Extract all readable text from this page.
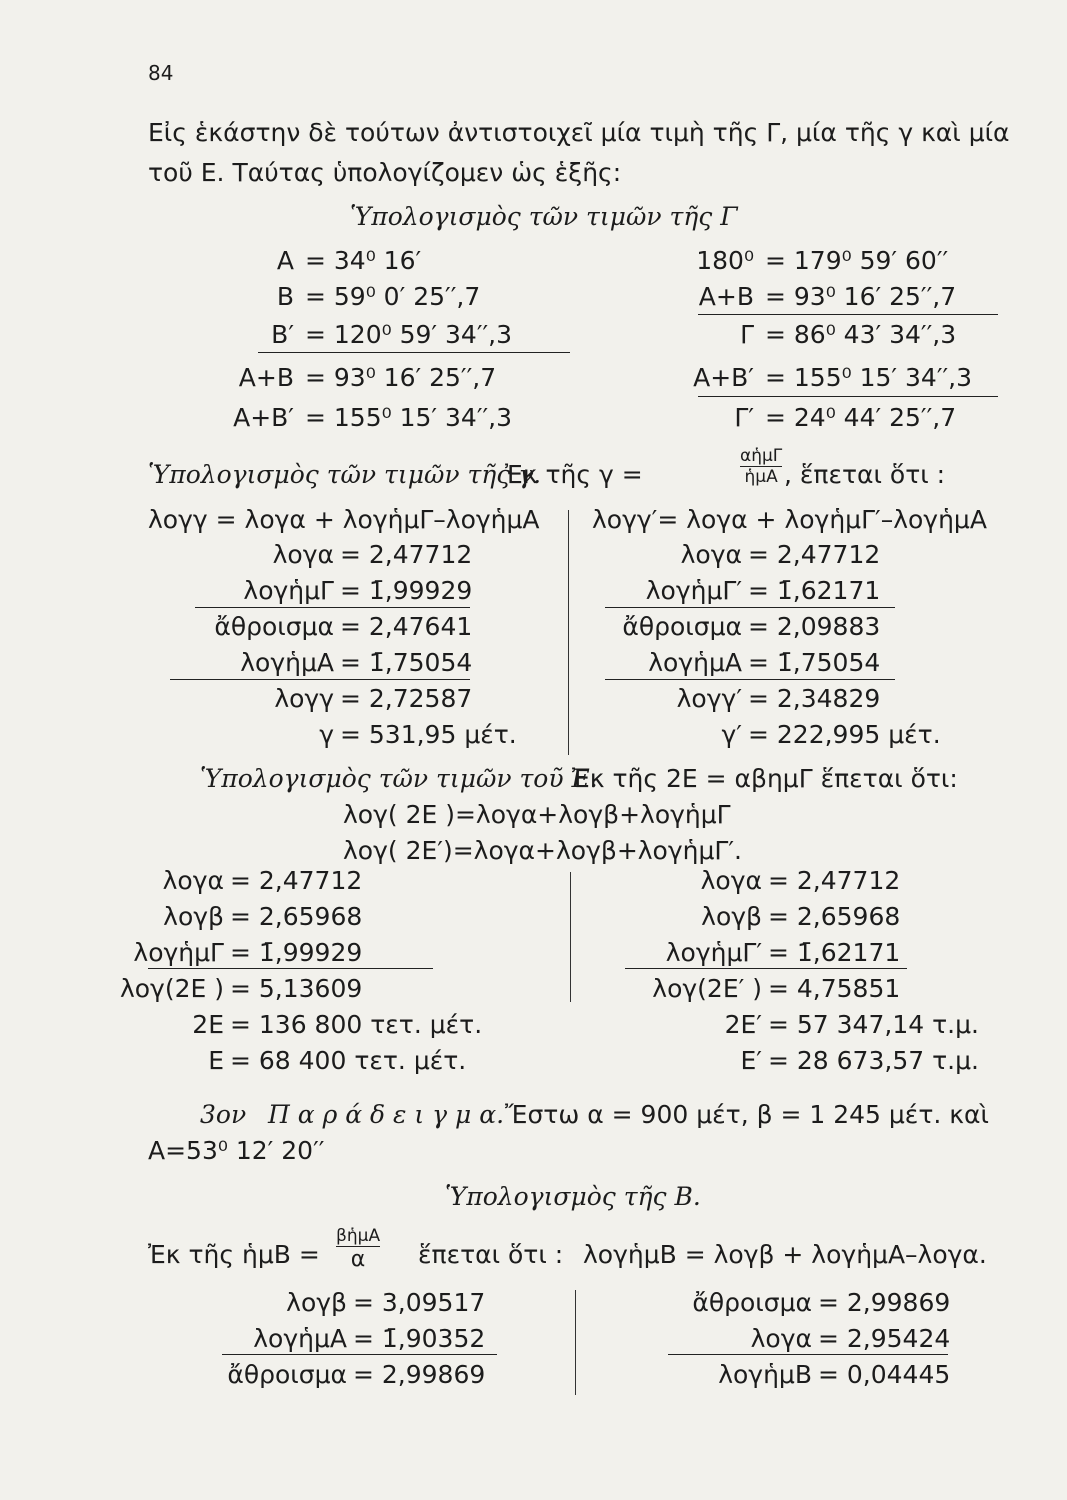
84
Εἰς ἑκάστην δὲ τούτων ἀντιστοιχεῖ μία τιμὴ τῆς Γ, μία τῆς γ καὶ μία
τοῦ Ε. Ταύτας ὑπολογίζομεν ὡς ἑξῆς:
Ὑπολογισμὸς τῶν τιμῶν τῆς Γ
Α = 34⁰ 16′
Β = 59⁰ 0′ 25′′,7
Β′ = 120⁰ 59′ 34′′,3
Α+Β = 93⁰ 16′ 25′′,7
Α+Β′ = 155⁰ 15′ 34′′,3
180⁰ = 179⁰ 59′ 60′′
Α+Β = 93⁰ 16′ 25′′,7
Γ = 86⁰ 43′ 34′′,3
Α+Β′ = 155⁰ 15′ 34′′,3
Γ′ = 24⁰ 44′ 25′′,7
Ὑπολογισμὸς τῶν τιμῶν τῆς γ.
Ἐκ τῆς γ =
αἡμΓ
ἡμΑ , ἕπεται ὅτι :
λογγ = λογα + λογἡμΓ–λογἡμΑ λογγ′= λογα + λογἡμΓ′–λογἡμΑ
λογα = 2,47712
λογἡμΓ = 1̄,99929
ἄθροισμα = 2,47641
λογἡμΑ = 1̄,75054
λογγ = 2,72587
γ = 531,95 μέτ.
λογα = 2,47712
λογἡμΓ′ = 1̄,62171
ἄθροισμα = 2,09883
λογἡμΑ = 1̄,75054
λογγ′ = 2,34829
γ′ = 222,995 μέτ.
Ὑπολογισμὸς τῶν τιμῶν τοῦ Ε.
Ἐκ τῆς 2Ε = αβημΓ ἕπεται ὅτι:
λογ( 2Ε )=λογα+λογβ+λογἡμΓ
λογ( 2Ε′)=λογα+λογβ+λογἡμΓ′.
λογα = 2,47712
λογβ = 2,65968
λογἡμΓ = 1̄,99929
λογ(2Ε ) = 5,13609
2Ε = 136 800 τετ. μέτ.
Ε = 68 400 τετ. μέτ.
λογα = 2,47712
λογβ = 2,65968
λογἡμΓ′ = 1̄,62171
λογ(2Ε′ ) = 4,75851
2Ε′ = 57 347,14 τ.μ.
Ε′ = 28 673,57 τ.μ.
3ον Π α ρ ά δ ε ι γ μ α. Ἔστω α = 900 μέτ, β = 1 245 μέτ. καὶ
Α=53⁰ 12′ 20′′
Ὑπολογισμὸς τῆς Β.
Ἐκ τῆς ἡμΒ =
βἡμΑ
α	ἕπεται ὅτι : λογἡμΒ = λογβ + λογἡμΑ–λογα.
λογβ = 3,09517
λογἡμΑ = 1̄,90352
ἄθροισμα = 2,99869
ἄθροισμα = 2,99869
λογα = 2,95424
λογἡμΒ = 0,04445
